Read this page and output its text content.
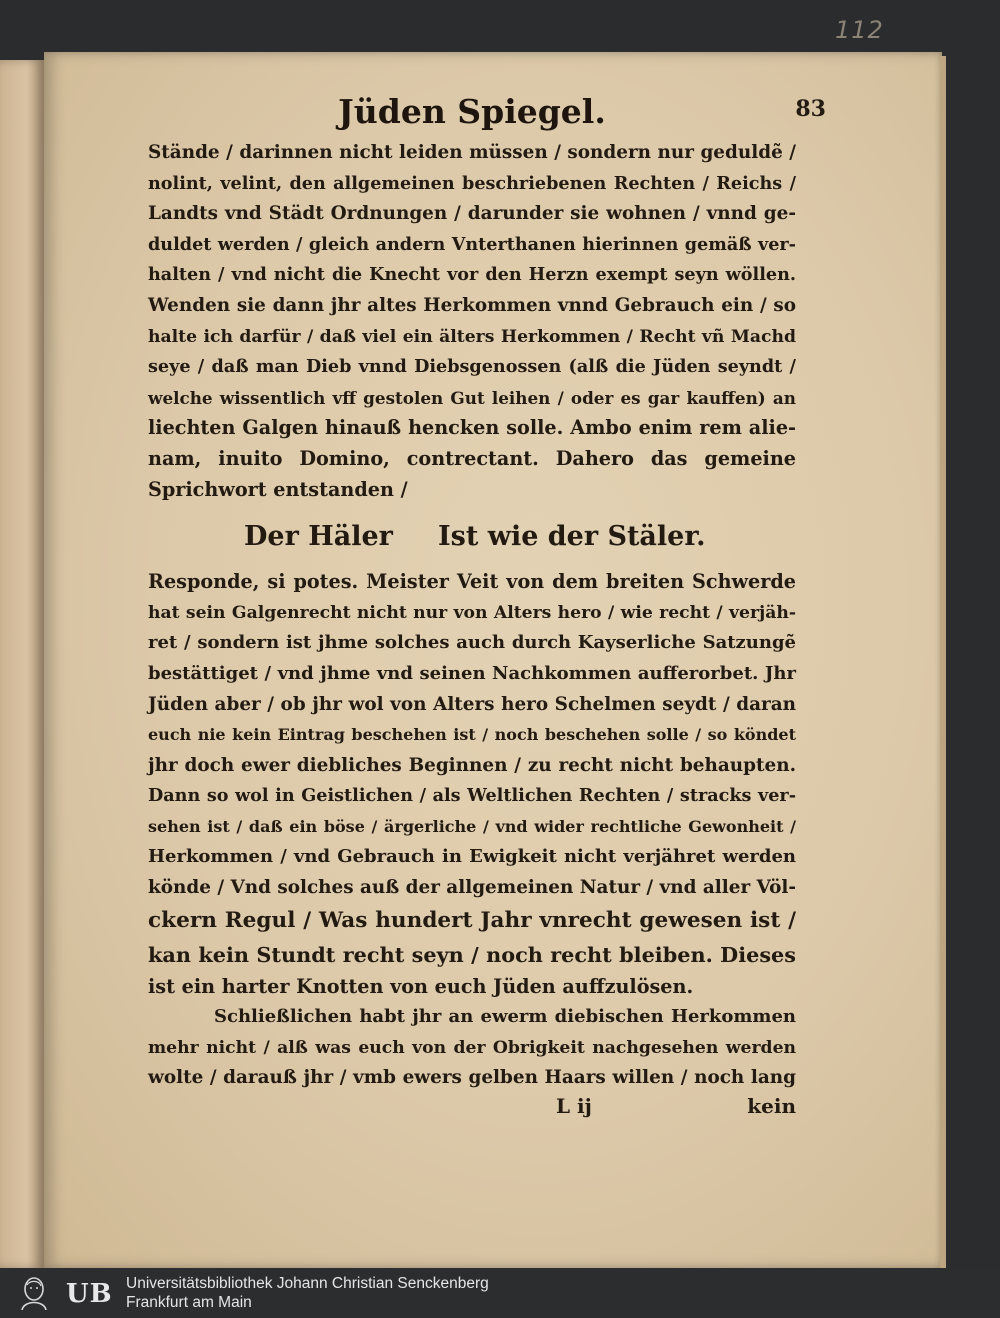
Jüden Spiegel.	83
Stände / darinnen nicht leiden müssen / sondern nur geduldẽ /
nolint, velint, den allgemeinen beschriebenen Rechten / Reichs /
Landts vnd Städt Ordnungen / darunder sie wohnen / vnnd ge-
duldet werden / gleich andern Vnterthanen hierinnen gemäß ver-
halten / vnd nicht die Knecht vor den Herzn exempt seyn wöllen.
Wenden sie dann jhr altes Herkommen vnnd Gebrauch ein / so
halte ich darfür / daß viel ein älters Herkommen / Recht vñ Machd
seye / daß man Dieb vnnd Diebsgenossen (alß die Jüden seyndt /
welche wissentlich vff gestolen Gut leihen / oder es gar kauffen) an
liechten Galgen hinauß hencken solle. Ambo enim rem alie-
nam, inuito Domino, contrectant. Dahero das gemeine
Sprichwort entstanden /
Der Häler Ist wie der Stäler.
Responde, si potes. Meister Veit von dem breiten Schwerde
hat sein Galgenrecht nicht nur von Alters hero / wie recht / verjäh-
ret / sondern ist jhme solches auch durch Kayserliche Satzungẽ
bestättiget / vnd jhme vnd seinen Nachkommen aufferorbet. Jhr
Jüden aber / ob jhr wol von Alters hero Schelmen seydt / daran
euch nie kein Eintrag beschehen ist / noch beschehen solle / so köndet
jhr doch ewer diebliches Beginnen / zu recht nicht behaupten.
Dann so wol in Geistlichen / als Weltlichen Rechten / stracks ver-
sehen ist / daß ein böse / ärgerliche / vnd wider rechtliche Gewonheit /
Herkommen / vnd Gebrauch in Ewigkeit nicht verjähret werden
könde / Vnd solches auß der allgemeinen Natur / vnd aller Völ-
ckern Regul / Was hundert Jahr vnrecht gewesen ist /
kan kein Stundt recht seyn / noch recht bleiben. Dieses
ist ein harter Knotten von euch Jüden auffzulösen.
Schließlichen habt jhr an ewerm diebischen Herkommen
mehr nicht / alß was euch von der Obrigkeit nachgesehen werden
wolte / darauß jhr / vmb ewers gelben Haars willen / noch lang
L ij	kein
112
UB Universitätsbibliothek Johann Christian Senckenberg
Frankfurt am Main
